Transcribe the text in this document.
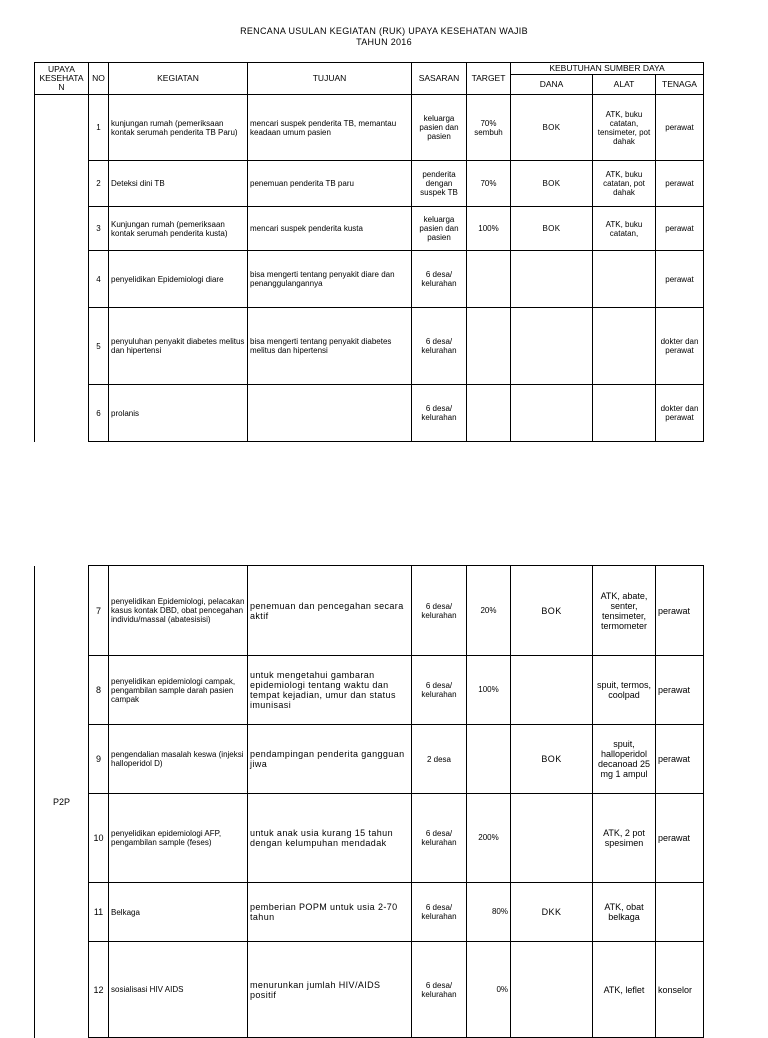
RENCANA USULAN KEGIATAN (RUK) UPAYA KESEHATAN WAJIB
TAHUN 2016
UPAYA KESEHATA N	NO	KEGIATAN	TUJUAN	SASARAN	TARGET	KEBUTUHAN SUMBER DAYA		
						DANA	ALAT	TENAGA
	1	kunjungan rumah (pemeriksaan kontak serumah penderita TB Paru)	mencari suspek penderita TB, memantau keadaan umum pasien	keluarga pasien dan pasien	70% sembuh	BOK	ATK, buku catatan, tensimeter, pot dahak	perawat
	2	Deteksi dini TB	penemuan penderita TB paru	penderita dengan suspek TB	70%	BOK	ATK, buku catatan, pot dahak	perawat
	3	Kunjungan rumah (pemeriksaan kontak serumah penderita kusta)	mencari suspek penderita kusta	keluarga pasien dan pasien	100%	BOK	ATK, buku catatan,	perawat
	4	penyelidikan Epidemiologi diare	bisa mengerti tentang penyakit diare dan penanggulangannya	6 desa/ kelurahan				perawat
	5	penyuluhan penyakit diabetes melitus dan hipertensi	bisa mengerti tentang penyakit diabetes melitus dan hipertensi	6 desa/ kelurahan				dokter dan perawat
	6	prolanis		6 desa/ kelurahan				dokter dan perawat
P2P	7	penyelidikan Epidemiologi, pelacakan kasus kontak DBD, obat pencegahan individu/massal (abatesisisi)	penemuan dan pencegahan secara aktif	6 desa/ kelurahan	20%	BOK	ATK, abate, senter, tensimeter, termometer	perawat
	8	penyelidikan epidemiologi campak, pengambilan sample darah pasien campak	untuk mengetahui gambaran epidemiologi tentang waktu dan tempat kejadian, umur dan status imunisasi	6 desa/ kelurahan	100%		spuit, termos, coolpad	perawat
	9	pengendalian masalah keswa (injeksi halloperidol D)	pendampingan penderita gangguan jiwa	2 desa		BOK	spuit, halloperidol decanoad 25 mg 1 ampul	perawat
	10	penyelidikan epidemiologi AFP, pengambilan sample (feses)	untuk anak usia kurang 15 tahun dengan kelumpuhan mendadak	6 desa/ kelurahan	200%		ATK, 2 pot spesimen	perawat
	11	Belkaga	pemberian POPM untuk usia 2-70 tahun	6 desa/ kelurahan	80%	DKK	ATK, obat belkaga	
	12	sosialisasi HIV AIDS	menurunkan jumlah HIV/AIDS positif	6 desa/ kelurahan	0%		ATK, leflet	konselor
